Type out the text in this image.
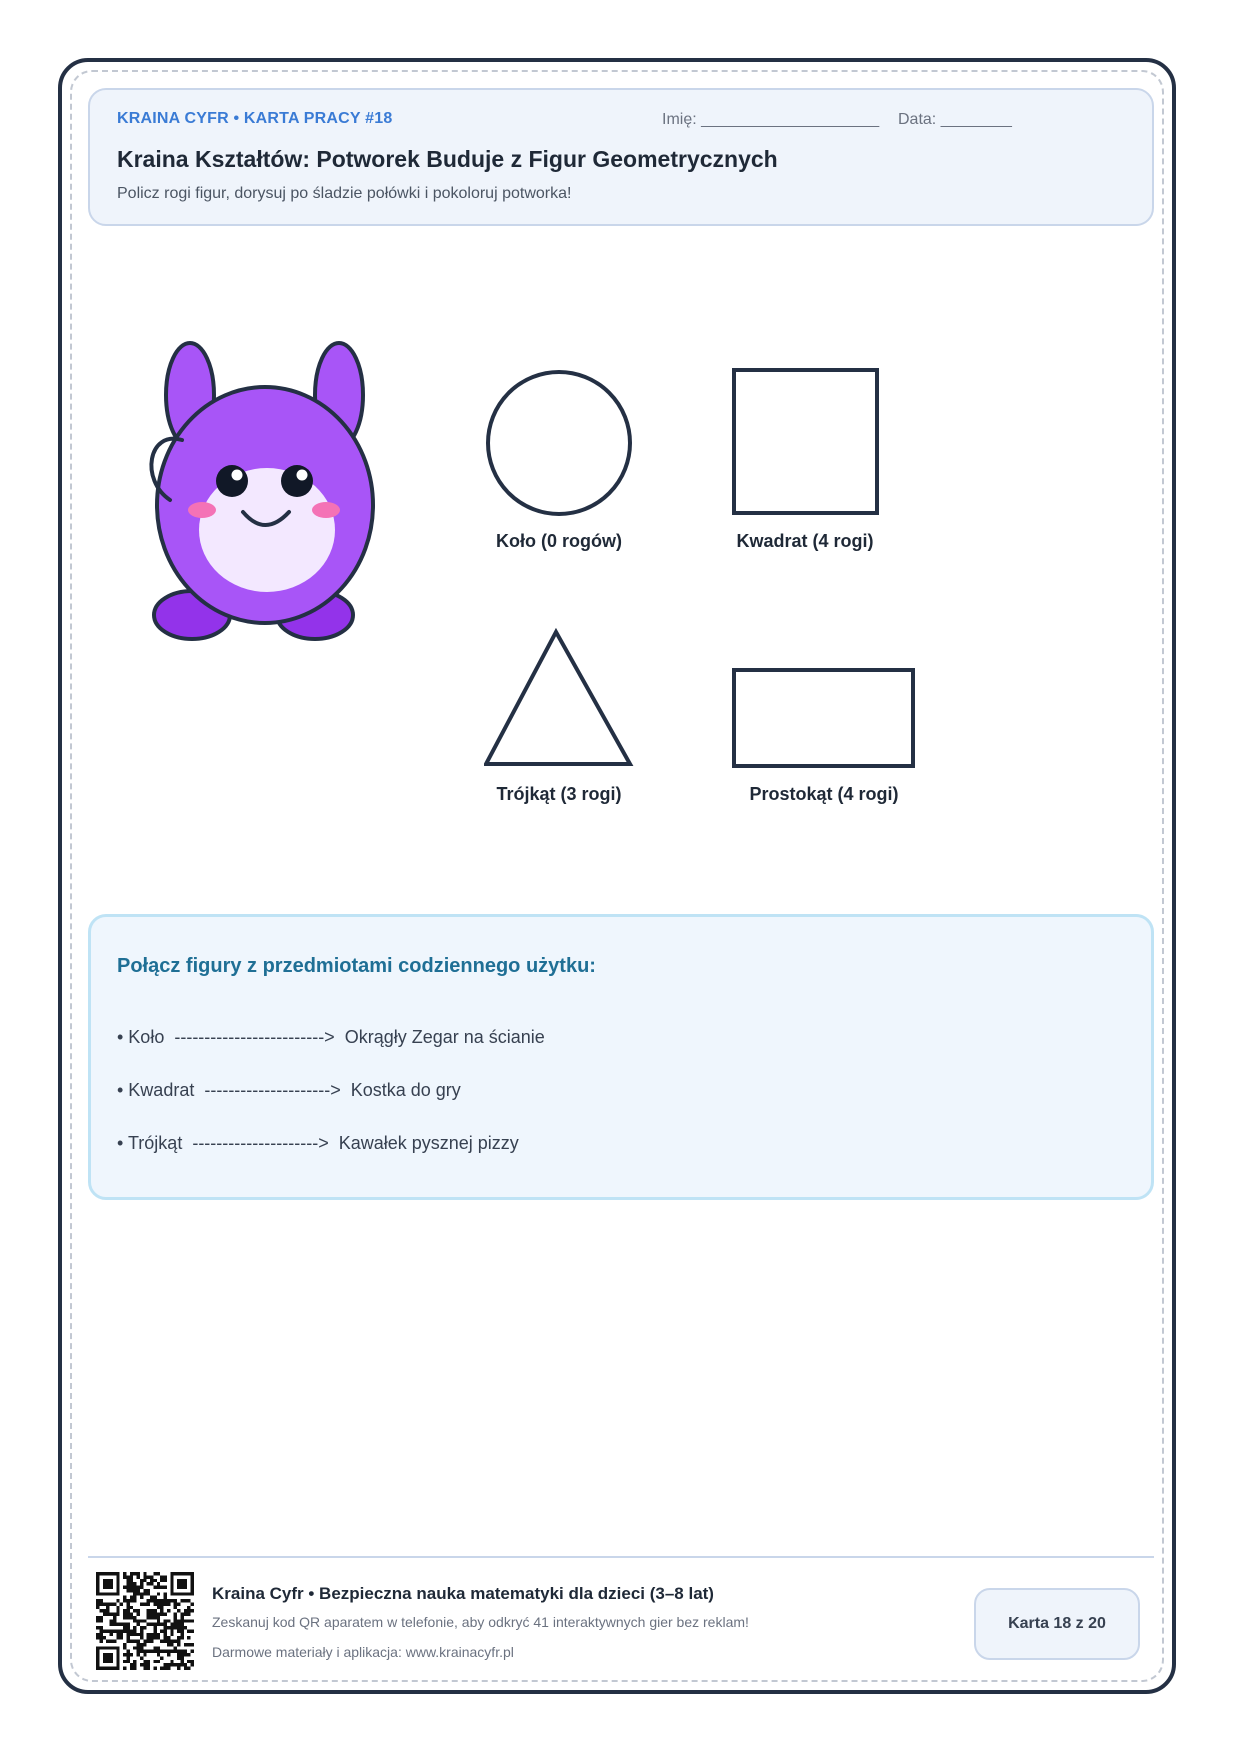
KRAINA CYFR • KARTA PRACY #18	Imię: ____________________ Data: ________
Kraina Kształtów: Potworek Buduje z Figur Geometrycznych
Policz rogi figur, dorysuj po śladzie połówki i pokoloruj potworka!
Koło (0 rogów)	Kwadrat (4 rogi)
Trójkąt (3 rogi)	Prostokąt (4 rogi)
Połącz figury z przedmiotami codziennego użytku:
• Koło  ------------------------->  Okrągły Zegar na ścianie
• Kwadrat  --------------------->  Kostka do gry
• Trójkąt  --------------------->  Kawałek pysznej pizzy
Kraina Cyfr • Bezpieczna nauka matematyki dla dzieci (3–8 lat)
Zeskanuj kod QR aparatem w telefonie, aby odkryć 41 interaktywnych gier bez reklam!
Darmowe materiały i aplikacja: www.krainacyfr.pl
Karta 18 z 20
